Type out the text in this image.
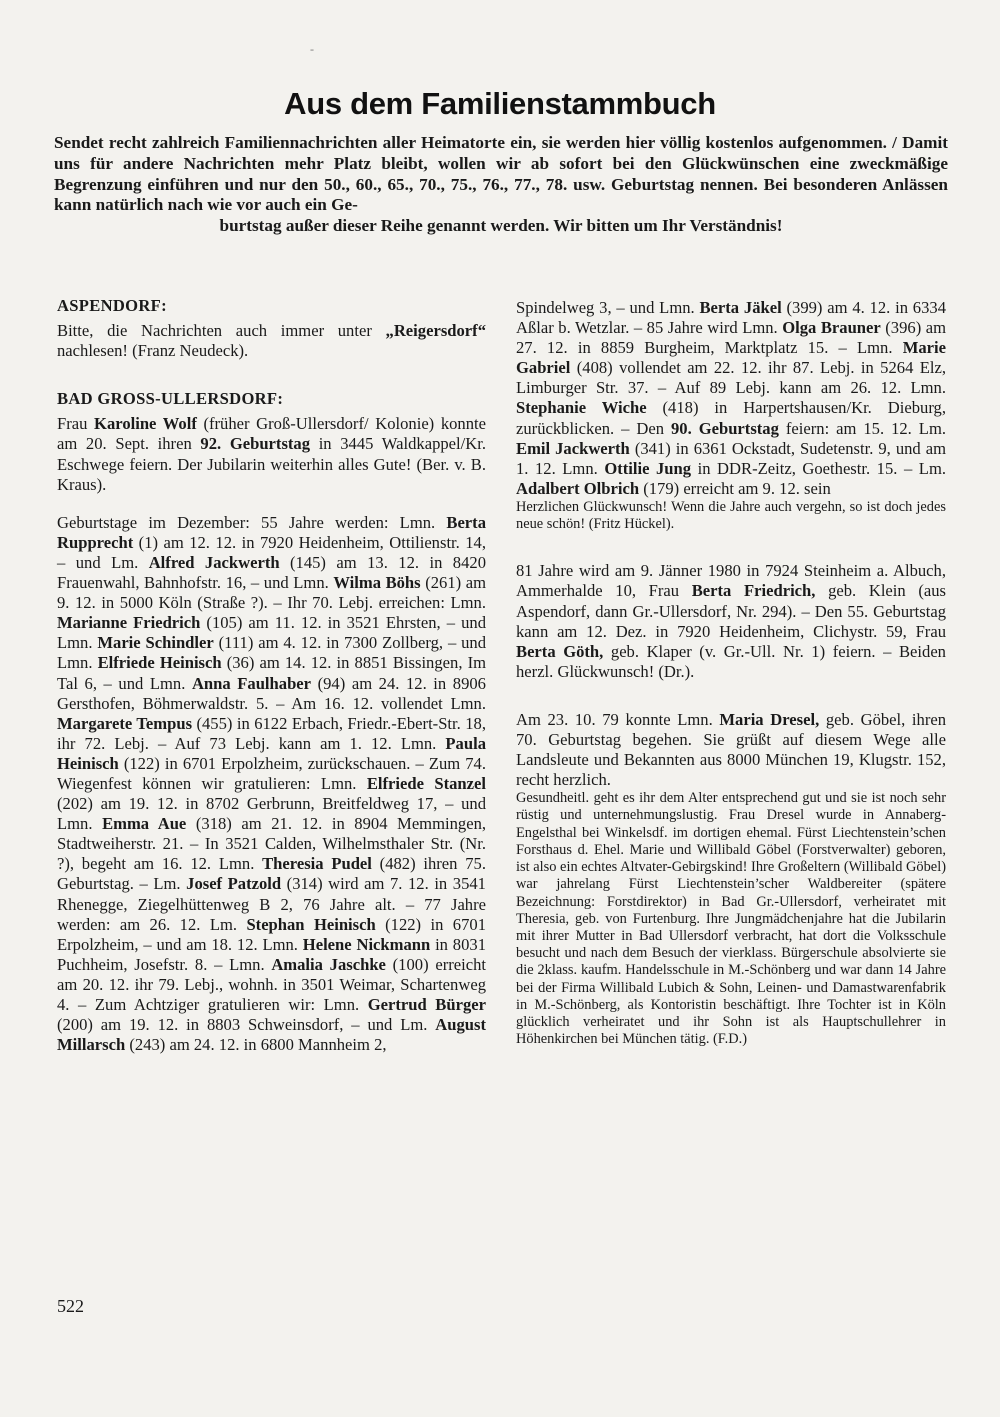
-
Aus dem Familienstammbuch

Sendet recht zahlreich Familiennachrichten aller Heimatorte ein, sie werden hier völlig kostenlos aufgenommen. / Damit uns für andere Nachrichten mehr Platz bleibt, wollen wir ab sofort bei den Glückwünschen eine zweckmäßige Begrenzung einführen und nur den 50., 60., 65., 70., 75., 76., 77., 78. usw. Geburtstag nennen. Bei besonderen Anlässen kann natürlich nach wie vor auch ein Ge-
burtstag außer dieser Reihe genannt werden. Wir bitten um Ihr Verständnis!

ASPENDORF:

Bitte, die Nachrichten auch immer unter „Reigersdorf“ nachlesen! (Franz Neudeck).

BAD GROSS-ULLERSDORF:

Frau Karoline Wolf (früher Groß-Ullersdorf/ Kolonie) konnte am 20. Sept. ihren 92. Geburtstag in 3445 Waldkappel/Kr. Eschwege feiern. Der Jubilarin weiterhin alles Gute! (Ber. v. B. Kraus).

Geburtstage im Dezember: 55 Jahre werden: Lmn. Berta Rupprecht (1) am 12. 12. in 7920 Heidenheim, Ottilienstr. 14, – und Lm. Alfred Jackwerth (145) am 13. 12. in 8420 Frauenwahl, Bahnhofstr. 16, – und Lmn. Wilma Böhs (261) am 9. 12. in 5000 Köln (Straße ?). – Ihr 70. Lebj. erreichen: Lmn. Marianne Friedrich (105) am 11. 12. in 3521 Ehrsten, – und Lmn. Marie Schindler (111) am 4. 12. in 7300 Zollberg, – und Lmn. Elfriede Heinisch (36) am 14. 12. in 8851 Bissingen, Im Tal 6, – und Lmn. Anna Faulhaber (94) am 24. 12. in 8906 Gersthofen, Böhmerwaldstr. 5. – Am 16. 12. vollendet Lmn. Margarete Tempus (455) in 6122 Erbach, Friedr.-Ebert-Str. 18, ihr 72. Lebj. – Auf 73 Lebj. kann am 1. 12. Lmn. Paula Heinisch (122) in 6701 Erpolzheim, zurückschauen. – Zum 74. Wiegenfest können wir gratulieren: Lmn. Elfriede Stanzel (202) am 19. 12. in 8702 Gerbrunn, Breitfeldweg 17, – und Lmn. Emma Aue (318) am 21. 12. in 8904 Memmingen, Stadtweiherstr. 21. – In 3521 Calden, Wilhelmsthaler Str. (Nr. ?), begeht am 16. 12. Lmn. Theresia Pudel (482) ihren 75. Geburtstag. – Lm. Josef Patzold (314) wird am 7. 12. in 3541 Rhenegge, Ziegelhüttenweg B 2, 76 Jahre alt. – 77 Jahre werden: am 26. 12. Lm. Stephan Heinisch (122) in 6701 Erpolzheim, – und am 18. 12. Lmn. Helene Nickmann in 8031 Puchheim, Josefstr. 8. – Lmn. Amalia Jaschke (100) erreicht am 20. 12. ihr 79. Lebj., wohnh. in 3501 Weimar, Schartenweg 4. – Zum Achtziger gratulieren wir: Lmn. Gertrud Bürger (200) am 19. 12. in 8803 Schweinsdorf, – und Lm. August Millarsch (243) am 24. 12. in 6800 Mannheim 2,

Spindelweg 3, – und Lmn. Berta Jäkel (399) am 4. 12. in 6334 Aßlar b. Wetzlar. – 85 Jahre wird Lmn. Olga Brauner (396) am 27. 12. in 8859 Burgheim, Marktplatz 15. – Lmn. Marie Gabriel (408) vollendet am 22. 12. ihr 87. Lebj. in 5264 Elz, Limburger Str. 37. – Auf 89 Lebj. kann am 26. 12. Lmn. Stephanie Wiche (418) in Harpertshausen/Kr. Dieburg, zurückblicken. – Den 90. Geburtstag feiern: am 15. 12. Lm. Emil Jackwerth (341) in 6361 Ockstadt, Sudetenstr. 9, und am 1. 12. Lmn. Ottilie Jung in DDR-Zeitz, Goethestr. 15. – Lm. Adalbert Olbrich (179) erreicht am 9. 12. sein

Herzlichen Glückwunsch! Wenn die Jahre auch vergehn, so ist doch jedes neue schön! (Fritz Hückel).

81 Jahre wird am 9. Jänner 1980 in 7924 Steinheim a. Albuch, Ammerhalde 10, Frau Berta Friedrich, geb. Klein (aus Aspendorf, dann Gr.-Ullersdorf, Nr. 294). – Den 55. Geburtstag kann am 12. Dez. in 7920 Heidenheim, Clichystr. 59, Frau Berta Göth, geb. Klaper (v. Gr.-Ull. Nr. 1) feiern. – Beiden herzl. Glückwunsch! (Dr.).

Am 23. 10. 79 konnte Lmn. Maria Dresel, geb. Göbel, ihren 70. Geburtstag begehen. Sie grüßt auf diesem Wege alle Landsleute und Bekannten aus 8000 München 19, Klugstr. 152, recht herzlich.

Gesundheitl. geht es ihr dem Alter entsprechend gut und sie ist noch sehr rüstig und unternehmungslustig. Frau Dresel wurde in Annaberg-Engelsthal bei Winkelsdf. im dortigen ehemal. Fürst Liechtenstein’schen Forsthaus d. Ehel. Marie und Willibald Göbel (Forstverwalter) geboren, ist also ein echtes Altvater-Gebirgskind! Ihre Großeltern (Willibald Göbel) war jahrelang Fürst Liechtenstein’scher Waldbereiter (spätere Bezeichnung: Forstdirektor) in Bad Gr.-Ullersdorf, verheiratet mit Theresia, geb. von Furtenburg. Ihre Jungmädchenjahre hat die Jubilarin mit ihrer Mutter in Bad Ullersdorf verbracht, hat dort die Volksschule besucht und nach dem Besuch der vierklass. Bürgerschule absolvierte sie die 2klass. kaufm. Handelsschule in M.-Schönberg und war dann 14 Jahre bei der Firma Willibald Lubich & Sohn, Leinen- und Damastwarenfabrik in M.-Schönberg, als Kontoristin beschäftigt. Ihre Tochter ist in Köln glücklich verheiratet und ihr Sohn ist als Hauptschullehrer in Höhenkirchen bei München tätig. (F.D.)

522
